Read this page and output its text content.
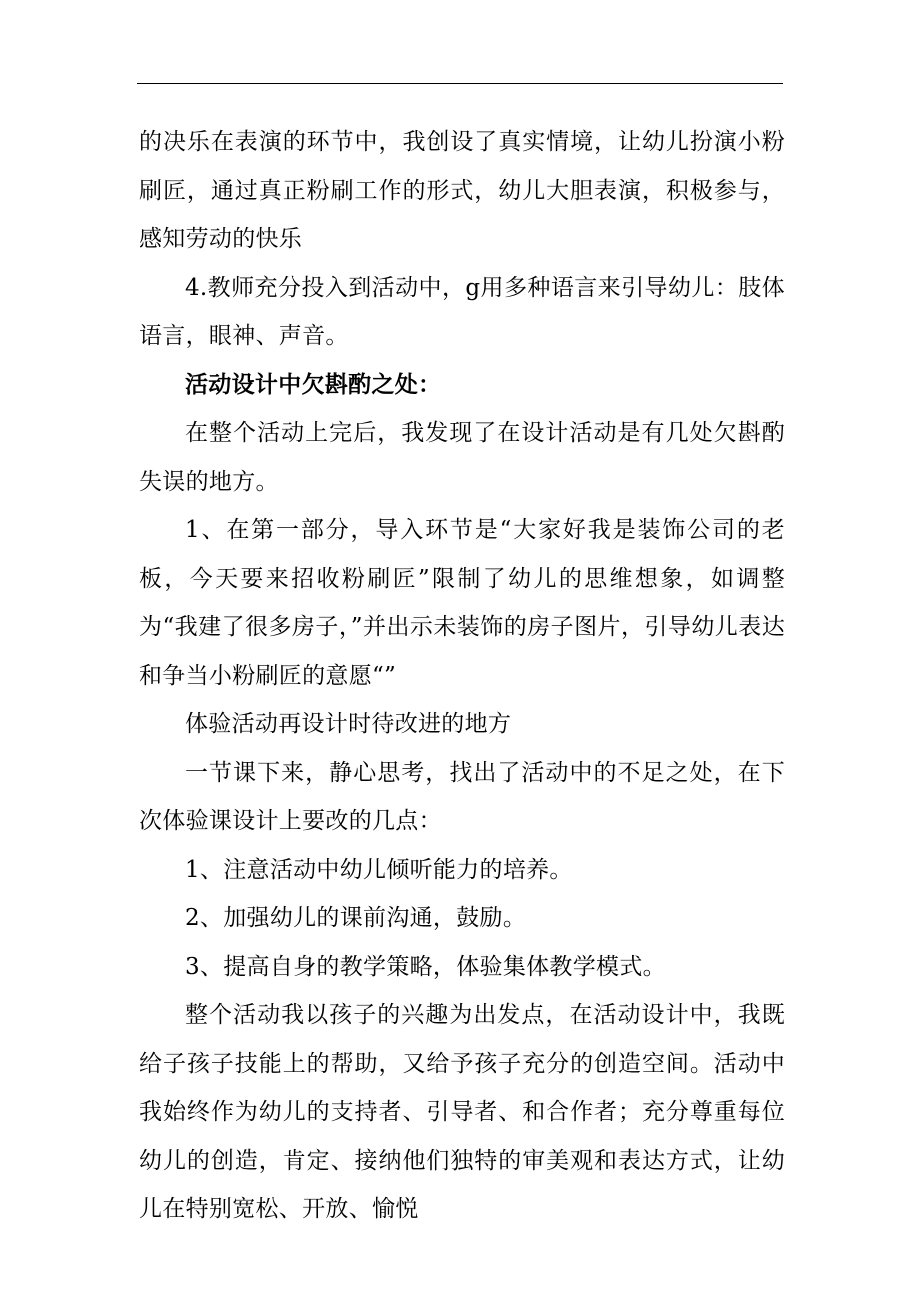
的决乐在表演的环节中，我创设了真实情境，让幼儿扮演小粉刷匠，通过真正粉刷工作的形式，幼儿大胆表演，积极参与，感知劳动的快乐

4.教师充分投入到活动中，g用多种语言来引导幼儿：肢体语言，眼神、声音。

活动设计中欠斟酌之处：

在整个活动上完后，我发现了在设计活动是有几处欠斟酌失误的地方。

1、在第一部分，导入环节是“大家好我是装饰公司的老板，今天要来招收粉刷匠”限制了幼儿的思维想象，如调整为“我建了很多房子，”并出示未装饰的房子图片，引导幼儿表达和争当小粉刷匠的意愿“”

体验活动再设计时待改进的地方

一节课下来，静心思考，找出了活动中的不足之处，在下次体验课设计上要改的几点：

1、注意活动中幼儿倾听能力的培养。

2、加强幼儿的课前沟通，鼓励。

3、提高自身的教学策略，体验集体教学模式。

整个活动我以孩子的兴趣为出发点，在活动设计中，我既给子孩子技能上的帮助，又给予孩子充分的创造空间。活动中我始终作为幼儿的支持者、引导者、和合作者；充分尊重每位幼儿的创造，肯定、接纳他们独特的审美观和表达方式，让幼儿在特别宽松、开放、愉悦
